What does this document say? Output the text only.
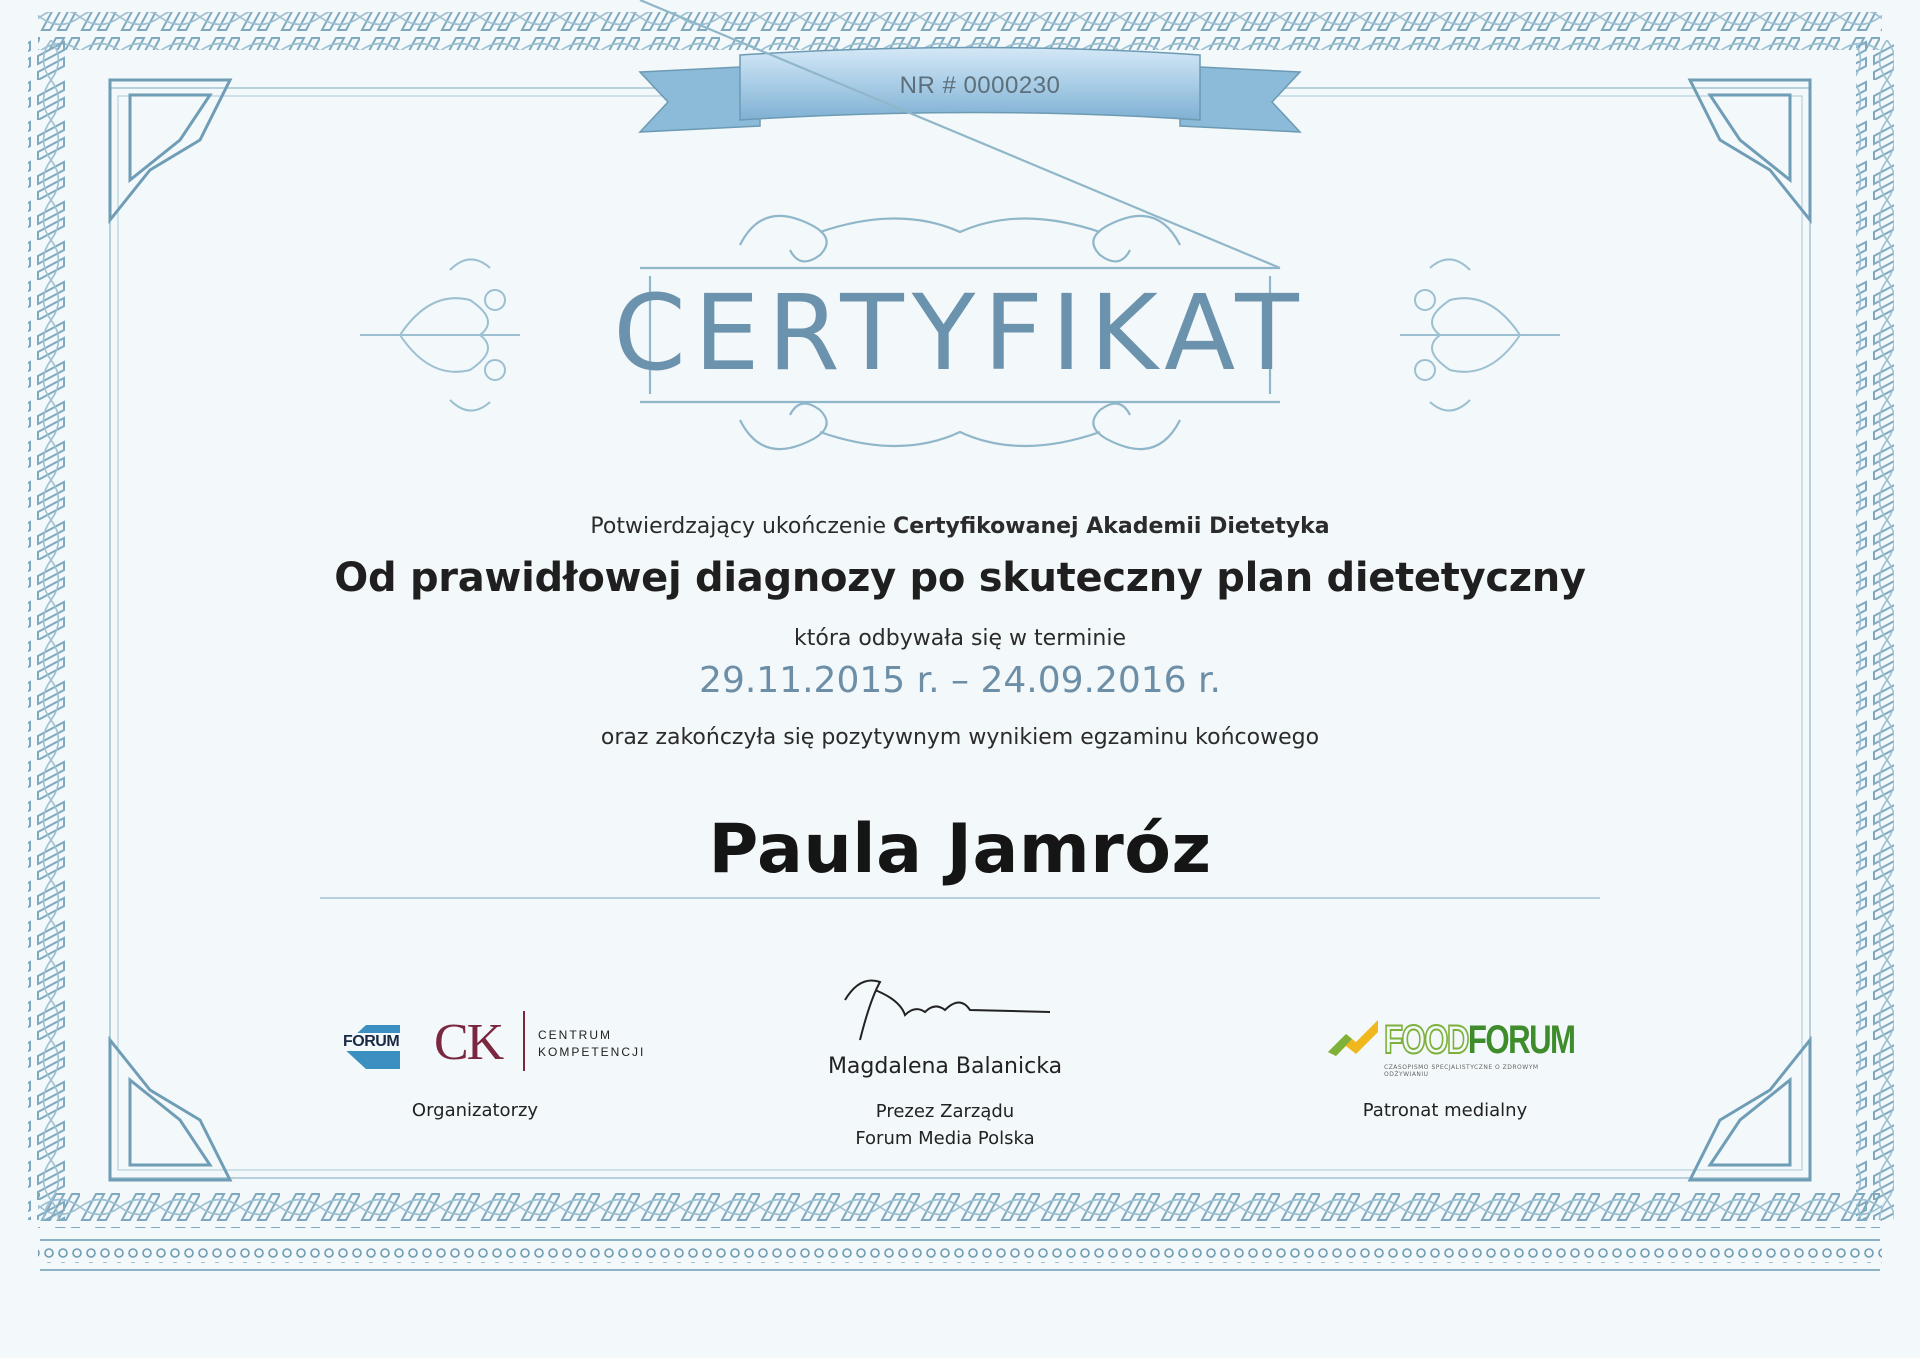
NR # 0000230
CERTYFIKAT

Potwierdzający ukończenie Certyfikowanej Akademii Dietetyka

Od prawidłowej diagnozy po skuteczny plan dietetyczny

która odbywała się w terminie

29.11.2015 r. – 24.09.2016 r.

oraz zakończyła się pozytywnym wynikiem egzaminu końcowego

Paula Jamróz

FORUM CK	CENTRUM
KOMPETENCJI
Organizatorzy
Magdalena Balanicka
Prezez Zarządu
Forum Media Polska
FOODFORUM
CZASOPISMO SPECJALISTYCZNE O ZDROWYM ODŻYWIANIU
Patronat medialny
